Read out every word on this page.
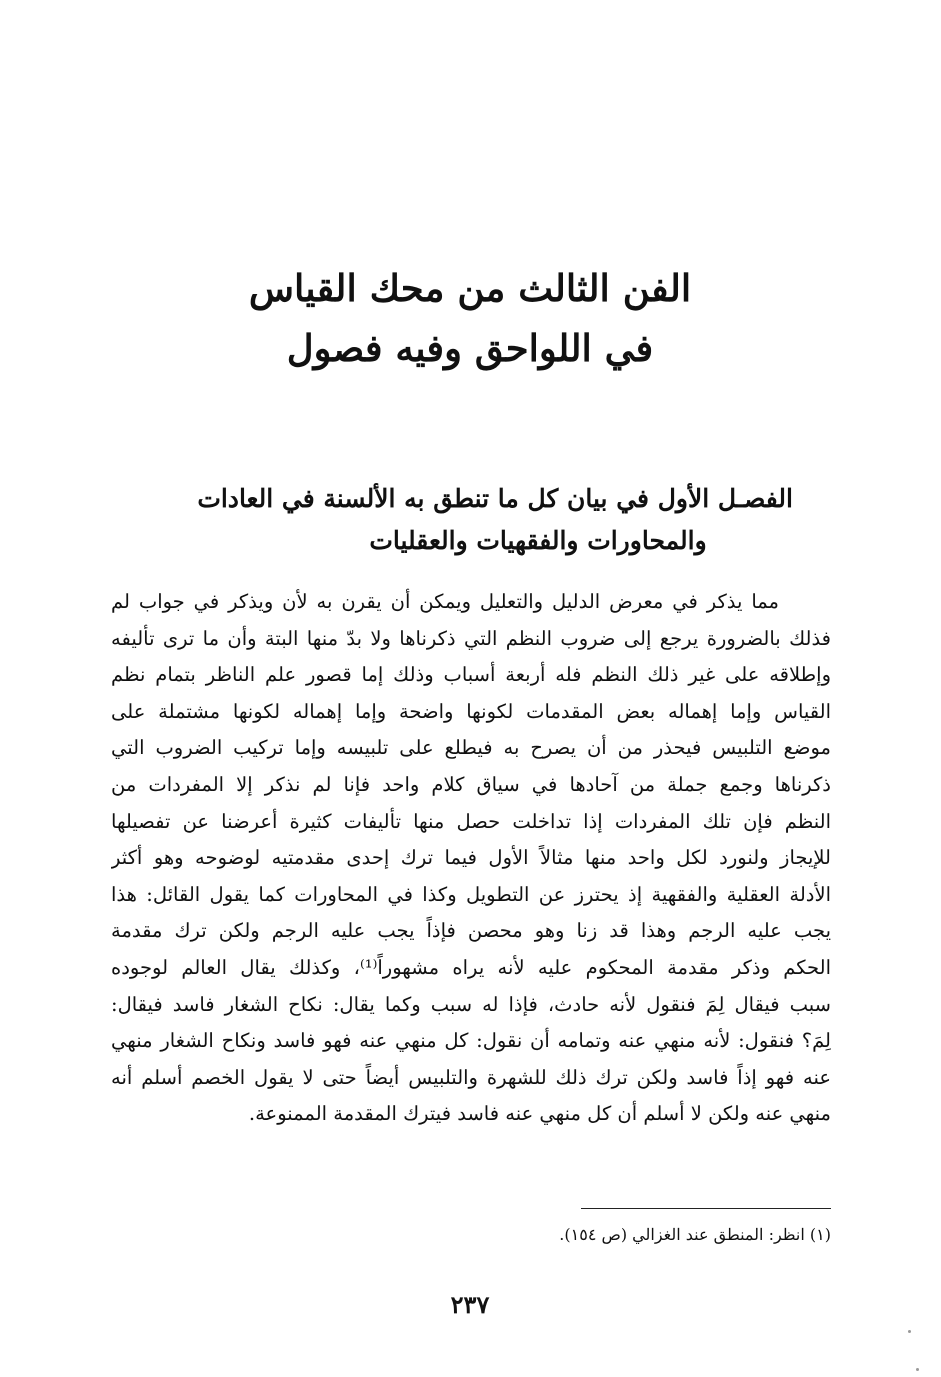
الفن الثالث من محك القياس
في اللواحق وفيه فصول
الفصـل الأول في بيان كل ما تنطق به الألسنة في العادات
والمحاورات والفقهيات والعقليات
مما يذكر في معرض الدليل والتعليل ويمكن أن يقرن به لأن ويذكر في جواب لم
فذلك بالضرورة يرجع إلى ضروب النظم التي ذكرناها ولا بدّ منها البتة وأن ما ترى تأليفه
وإطلاقه على غير ذلك النظم فله أربعة أسباب وذلك إما قصور علم الناظر بتمام نظم
القياس وإما إهماله بعض المقدمات لكونها واضحة وإما إهماله لكونها مشتملة على
موضع التلبيس فيحذر من أن يصرح به فيطلع على تلبيسه وإما تركيب الضروب التي
ذكرناها وجمع جملة من آحادها في سياق كلام واحد فإنا لم نذكر إلا المفردات من
النظم فإن تلك المفردات إذا تداخلت حصل منها تأليفات كثيرة أعرضنا عن تفصيلها
للإيجاز ولنورد لكل واحد منها مثالاً الأول فيما ترك إحدى مقدمتيه لوضوحه وهو أكثر
الأدلة العقلية والفقهية إذ يحترز عن التطويل وكذا في المحاورات كما يقول القائل: هذا
يجب عليه الرجم وهذا قد زنا وهو محصن فإذاً يجب عليه الرجم ولكن ترك مقدمة
الحكم وذكر مقدمة المحكوم عليه لأنه يراه مشهوراً⁽¹⁾، وكذلك يقال العالم لوجوده
سبب فيقال لِمَ فنقول لأنه حادث، فإذا له سبب وكما يقال: نكاح الشغار فاسد فيقال:
لِمَ؟ فنقول: لأنه منهي عنه وتمامه أن نقول: كل منهي عنه فهو فاسد ونكاح الشغار منهي
عنه فهو إذاً فاسد ولكن ترك ذلك للشهرة والتلبيس أيضاً حتى لا يقول الخصم أسلم أنه
منهي عنه ولكن لا أسلم أن كل منهي عنه فاسد فيترك المقدمة الممنوعة.
(١) انظر: المنطق عند الغزالي (ص ١٥٤).
٢٣٧
